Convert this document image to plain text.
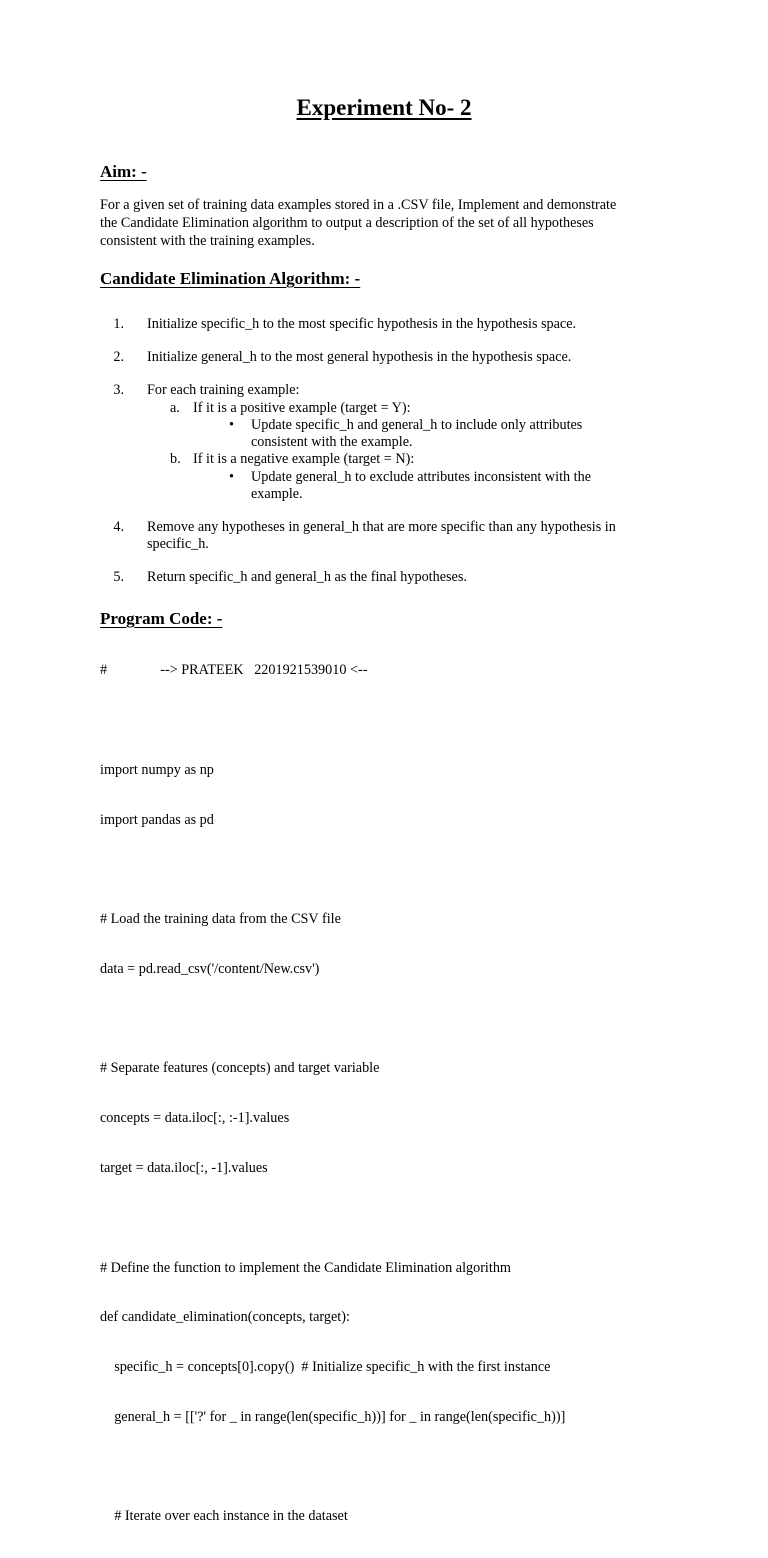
Experiment No- 2
Aim: -
For a given set of training data examples stored in a .CSV file, Implement and demonstrate
the Candidate Elimination algorithm to output a description of the set of all hypotheses
consistent with the training examples.
Candidate Elimination Algorithm: -
1. Initialize specific_h to the most specific hypothesis in the hypothesis space.
2. Initialize general_h to the most general hypothesis in the hypothesis space.
3. For each training example:
a. If it is a positive example (target = Y):
• Update specific_h and general_h to include only attributes
consistent with the example.
b. If it is a negative example (target = N):
• Update general_h to exclude attributes inconsistent with the
example.
4. Remove any hypotheses in general_h that are more specific than any hypothesis in
specific_h.
5. Return specific_h and general_h as the final hypotheses.
Program Code: -

#               --> PRATEEK   2201921539010 <--

import numpy as np

import pandas as pd

# Load the training data from the CSV file

data = pd.read_csv('/content/New.csv')

# Separate features (concepts) and target variable

concepts = data.iloc[:, :-1].values

target = data.iloc[:, -1].values

# Define the function to implement the Candidate Elimination algorithm

def candidate_elimination(concepts, target):

specific_h = concepts[0].copy()  # Initialize specific_h with the first instance

general_h = [['?' for _ in range(len(specific_h))] for _ in range(len(specific_h))]

# Iterate over each instance in the dataset
